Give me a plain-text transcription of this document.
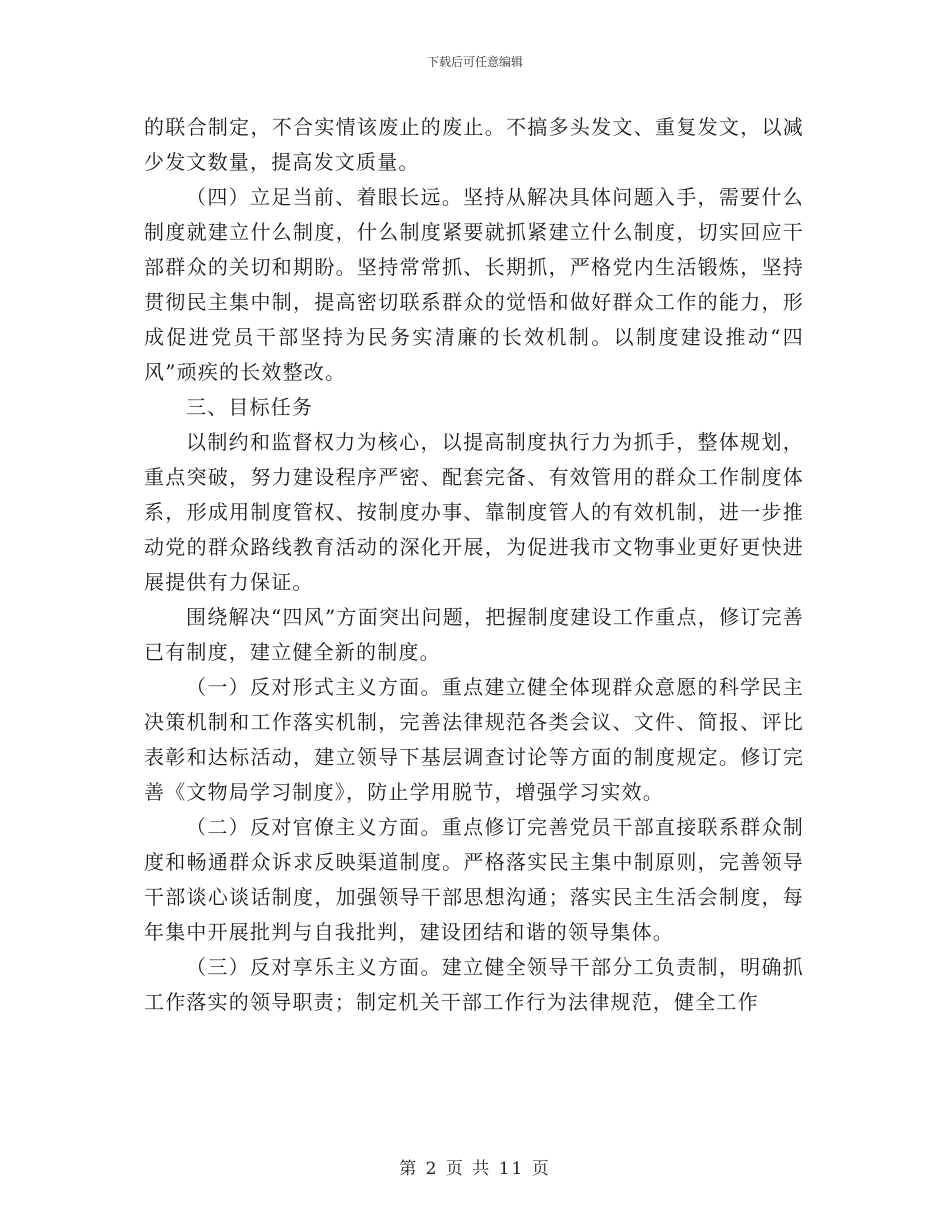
下载后可任意编辑

的联合制定，不合实情该废止的废止。不搞多头发文、重复发文，以减少发文数量，提高发文质量。

（四）立足当前、着眼长远。坚持从解决具体问题入手，需要什么制度就建立什么制度，什么制度紧要就抓紧建立什么制度，切实回应干部群众的关切和期盼。坚持常常抓、长期抓，严格党内生活锻炼，坚持贯彻民主集中制，提高密切联系群众的觉悟和做好群众工作的能力，形成促进党员干部坚持为民务实清廉的长效机制。以制度建设推动“四风”顽疾的长效整改。

三、目标任务

以制约和监督权力为核心，以提高制度执行力为抓手，整体规划，重点突破，努力建设程序严密、配套完备、有效管用的群众工作制度体系，形成用制度管权、按制度办事、靠制度管人的有效机制，进一步推动党的群众路线教育活动的深化开展，为促进我市文物事业更好更快进展提供有力保证。

围绕解决“四风”方面突出问题，把握制度建设工作重点，修订完善已有制度，建立健全新的制度。

（一）反对形式主义方面。重点建立健全体现群众意愿的科学民主决策机制和工作落实机制，完善法律规范各类会议、文件、简报、评比表彰和达标活动，建立领导下基层调查讨论等方面的制度规定。修订完善《文物局学习制度》，防止学用脱节，增强学习实效。

（二）反对官僚主义方面。重点修订完善党员干部直接联系群众制度和畅通群众诉求反映渠道制度。严格落实民主集中制原则，完善领导干部谈心谈话制度，加强领导干部思想沟通；落实民主生活会制度，每年集中开展批判与自我批判，建设团结和谐的领导集体。

（三）反对享乐主义方面。建立健全领导干部分工负责制，明确抓工作落实的领导职责；制定机关干部工作行为法律规范，健全工作

第 2 页 共 11 页
